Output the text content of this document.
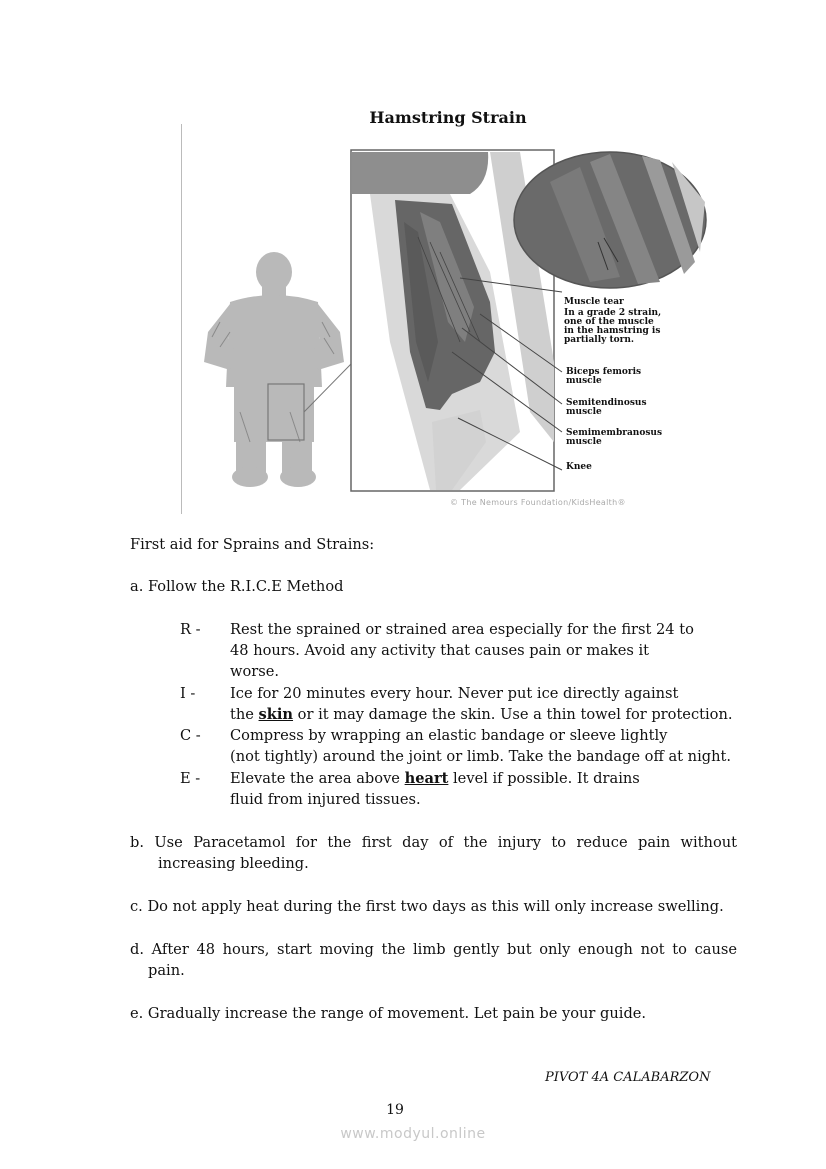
Hamstring Strain
Muscle tear
In a grade 2 strain,
one of the muscle
in the hamstring is
partially torn.
Biceps femoris
muscle
Semitendinosus
muscle
Semimembranosus
muscle
Knee
© The Nemours Foundation/KidsHealth®
First aid for Sprains and Strains:
a. Follow the R.I.C.E Method
R - Rest the sprained or strained area especially for the first 24 to
48 hours. Avoid any activity that causes pain or makes it
worse.
I - Ice for 20 minutes every hour. Never put ice directly against
the skin or it may damage the skin. Use a thin towel for protection.
C - Compress by wrapping an elastic bandage or sleeve lightly
(not tightly) around the joint or limb. Take the bandage off at night.
E - Elevate the area above heart level if possible. It drains
fluid from injured tissues.
b. Use Paracetamol for the first day of the injury to reduce pain without
increasing bleeding.
c. Do not apply heat during the first two days as this will only increase swelling.
d. After 48 hours, start moving the limb gently but only enough not to cause
pain.
e. Gradually increase the range of movement. Let pain be your guide.
PIVOT 4A CALABARZON
19
www.modyul.online
